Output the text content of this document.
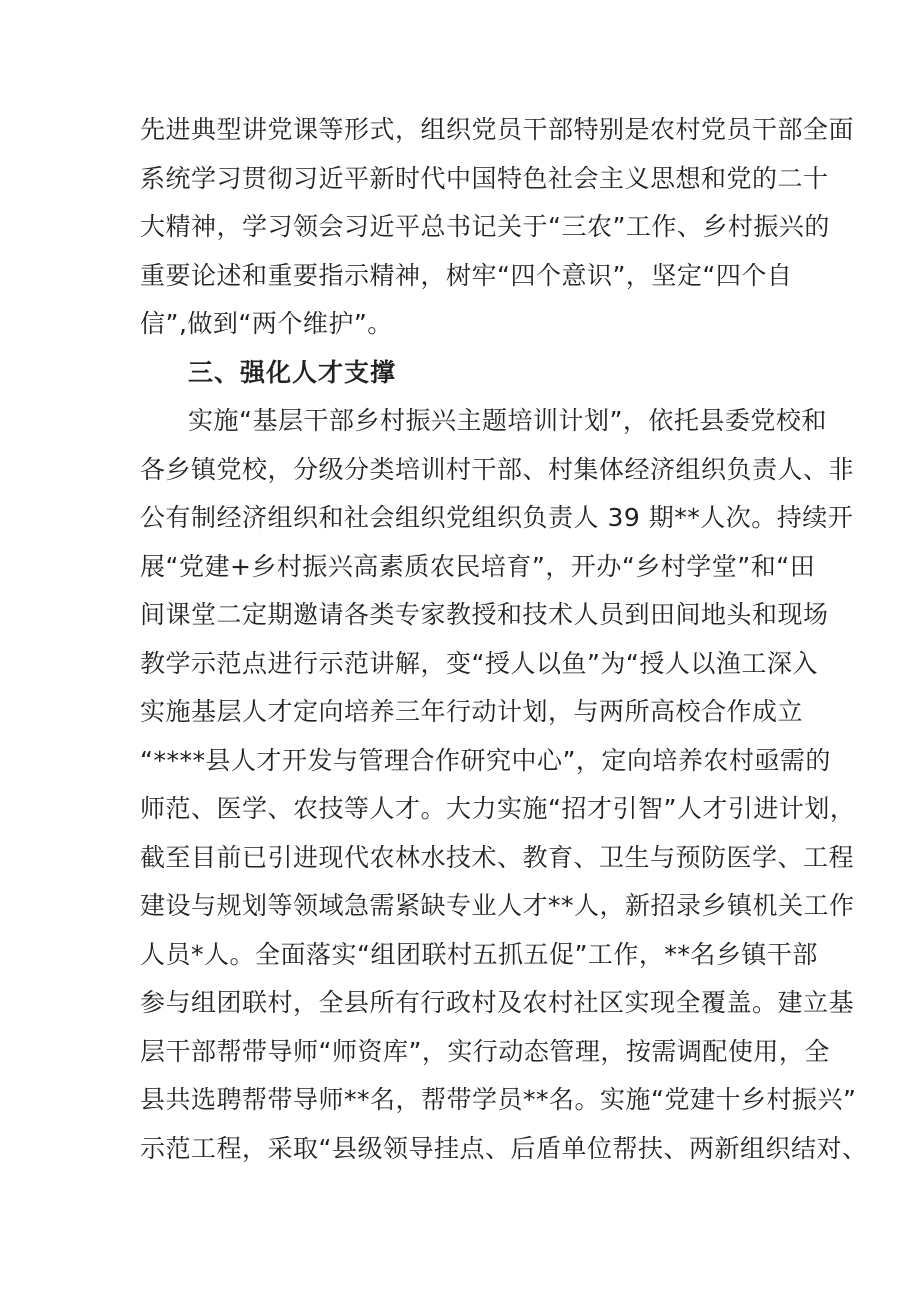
先进典型讲党课等形式，组织党员干部特别是农村党员干部全面
系统学习贯彻习近平新时代中国特色社会主义思想和党的二十
大精神，学习领会习近平总书记关于“三农”工作、乡村振兴的
重要论述和重要指示精神，树牢“四个意识”，坚定“四个自
信”,做到“两个维护”。
三、强化人才支撑
实施“基层干部乡村振兴主题培训计划”，依托县委党校和
各乡镇党校，分级分类培训村干部、村集体经济组织负责人、非
公有制经济组织和社会组织党组织负责人 39 期**人次。持续开
展“党建+乡村振兴高素质农民培育”，开办“乡村学堂”和“田
间课堂二定期邀请各类专家教授和技术人员到田间地头和现场
教学示范点进行示范讲解，变“授人以鱼”为“授人以渔工深入
实施基层人才定向培养三年行动计划，与两所高校合作成立
“****县人才开发与管理合作研究中心”，定向培养农村亟需的
师范、医学、农技等人才。大力实施“招才引智”人才引进计划，
截至目前已引进现代农林水技术、教育、卫生与预防医学、工程
建设与规划等领域急需紧缺专业人才**人，新招录乡镇机关工作
人员*人。全面落实“组团联村五抓五促”工作，**名乡镇干部
参与组团联村，全县所有行政村及农村社区实现全覆盖。建立基
层干部帮带导师“师资库”，实行动态管理，按需调配使用，全
县共选聘帮带导师**名，帮带学员**名。实施“党建十乡村振兴”
示范工程，采取“县级领导挂点、后盾单位帮扶、两新组织结对、
